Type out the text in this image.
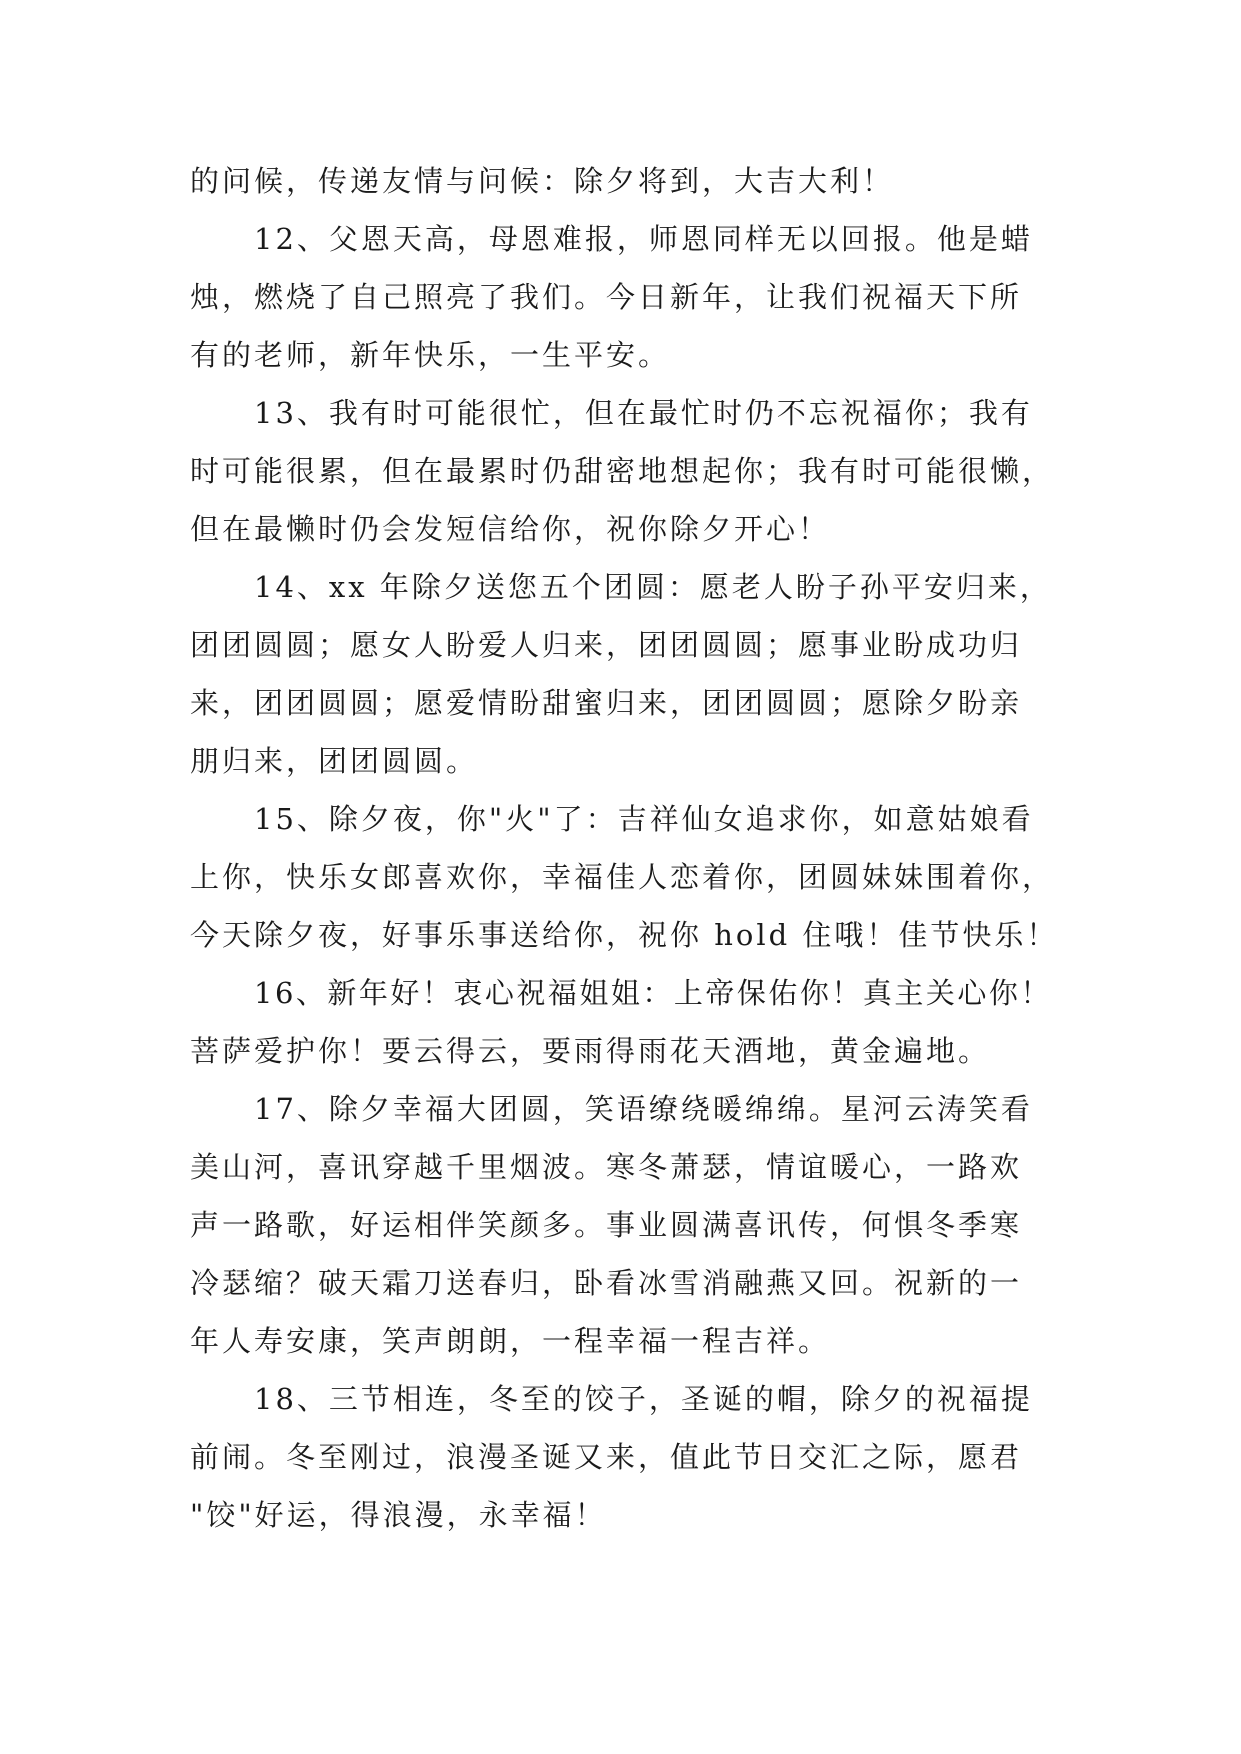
的问候，传递友情与问候：除夕将到，大吉大利！

12、父恩天高，母恩难报，师恩同样无以回报。他是蜡
烛，燃烧了自己照亮了我们。今日新年，让我们祝福天下所
有的老师，新年快乐，一生平安。

13、我有时可能很忙，但在最忙时仍不忘祝福你；我有
时可能很累，但在最累时仍甜密地想起你；我有时可能很懒，
但在最懒时仍会发短信给你，祝你除夕开心！

14、xx 年除夕送您五个团圆：愿老人盼子孙平安归来，
团团圆圆；愿女人盼爱人归来，团团圆圆；愿事业盼成功归
来，团团圆圆；愿爱情盼甜蜜归来，团团圆圆；愿除夕盼亲
朋归来，团团圆圆。

15、除夕夜，你"火"了：吉祥仙女追求你，如意姑娘看
上你，快乐女郎喜欢你，幸福佳人恋着你，团圆妹妹围着你，
今天除夕夜，好事乐事送给你，祝你 hold 住哦！佳节快乐！

16、新年好！衷心祝福姐姐：上帝保佑你！真主关心你！
菩萨爱护你！要云得云，要雨得雨花天酒地，黄金遍地。

17、除夕幸福大团圆，笑语缭绕暖绵绵。星河云涛笑看
美山河，喜讯穿越千里烟波。寒冬萧瑟，情谊暖心，一路欢
声一路歌，好运相伴笑颜多。事业圆满喜讯传，何惧冬季寒
冷瑟缩？破天霜刀送春归，卧看冰雪消融燕又回。祝新的一
年人寿安康，笑声朗朗，一程幸福一程吉祥。

18、三节相连，冬至的饺子，圣诞的帽，除夕的祝福提
前闹。冬至刚过，浪漫圣诞又来，值此节日交汇之际，愿君
"饺"好运，得浪漫，永幸福！
